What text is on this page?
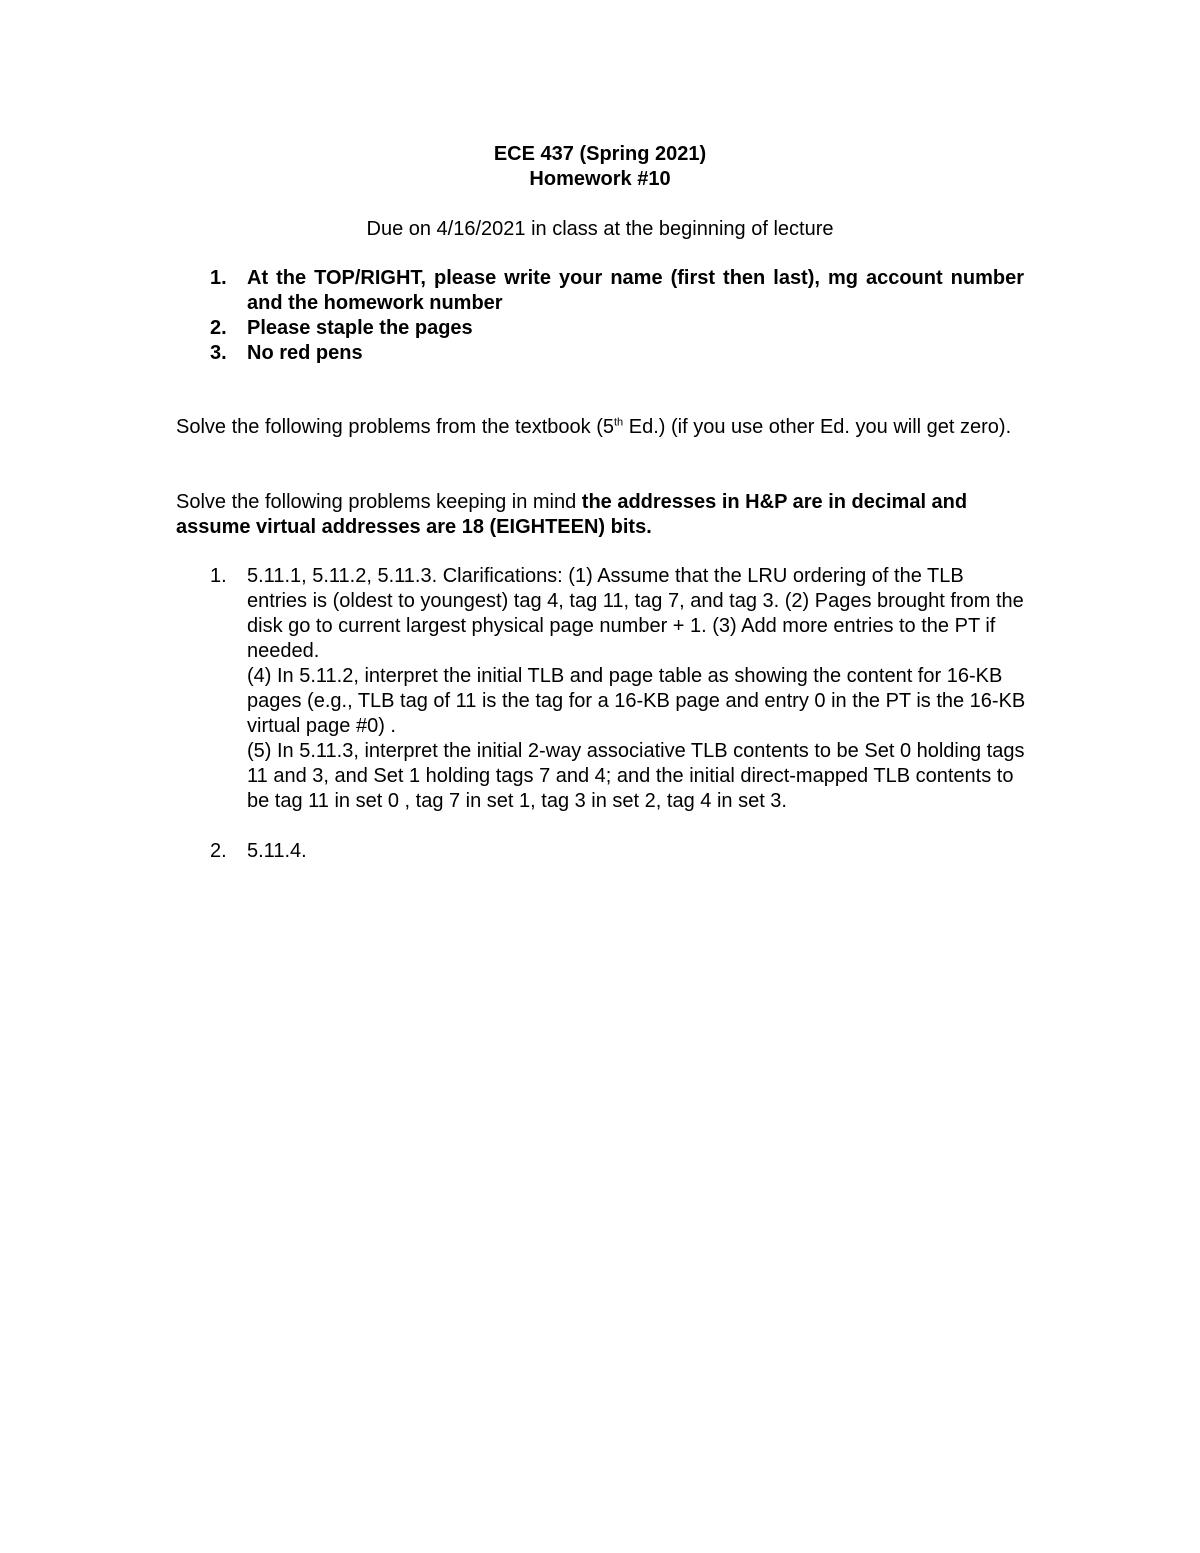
ECE 437 (Spring 2021)
Homework #10
Due on 4/16/2021 in class at the beginning of lecture
1. At the TOP/RIGHT, please write your name (first then last), mg account number and the homework number
2. Please staple the pages
3. No red pens

Solve the following problems from the textbook (5th Ed.) (if you use other Ed. you will get zero).

Solve the following problems keeping in mind the addresses in H&P are in decimal and assume virtual addresses are 18 (EIGHTEEN) bits.

1. 5.11.1, 5.11.2, 5.11.3. Clarifications: (1) Assume that the LRU ordering of the TLB entries is (oldest to youngest) tag 4, tag 11, tag 7, and tag 3. (2) Pages brought from the disk go to current largest physical page number + 1. (3) Add more entries to the PT if needed.
(4) In 5.11.2, interpret the initial TLB and page table as showing the content for 16-KB pages (e.g., TLB tag of 11 is the tag for a 16-KB page and entry 0 in the PT is the 16-KB virtual page #0) .
(5) In 5.11.3, interpret the initial 2-way associative TLB contents to be Set 0 holding tags 11 and 3, and Set 1 holding tags 7 and 4; and the initial direct-mapped TLB contents to be tag 11 in set 0 , tag 7 in set 1, tag 3 in set 2, tag 4 in set 3.
2. 5.11.4.
